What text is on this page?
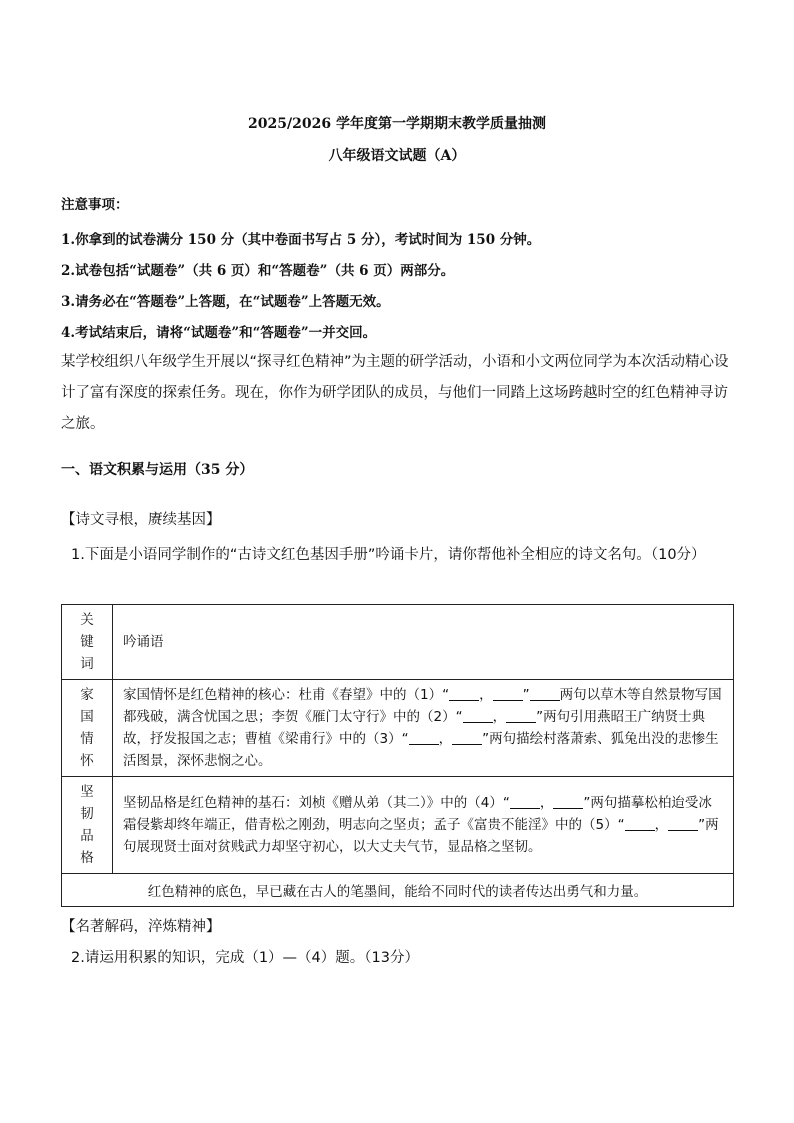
2025/2026 学年度第一学期期末教学质量抽测
八年级语文试题（A）
注意事项：
1.你拿到的试卷满分 150 分（其中卷面书写占 5 分），考试时间为 150 分钟。
2.试卷包括“试题卷”（共 6 页）和“答题卷”（共 6 页）两部分。
3.请务必在“答题卷”上答题，在“试题卷”上答题无效。
4.考试结束后，请将“试题卷”和“答题卷”一并交回。
某学校组织八年级学生开展以“探寻红色精神”为主题的研学活动，小语和小文两位同学为本次活动精心设计了富有深度的探索任务。现在，你作为研学团队的成员，与他们一同踏上这场跨越时空的红色精神寻访之旅。
一、语文积累与运用（35 分）
【诗文寻根，赓续基因】
1.下面是小语同学制作的“古诗文红色基因手册”吟诵卡片，请你帮他补全相应的诗文名句。（10分）
关键词	吟诵语

家国情怀	家国情怀是红色精神的核心：杜甫《春望》中的（1）“ ， ” 两句以草木等自然景物写国都残破，满含忧国之思；李贺《雁门太守行》中的（2）“ ， ”两句引用燕昭王广纳贤士典故，抒发报国之志；曹植《梁甫行》中的（3）“ ， ”两句描绘村落萧索、狐兔出没的悲惨生活图景，深怀悲悯之心。

坚韧品格	坚韧品格是红色精神的基石：刘桢《赠从弟（其二）》中的（4）“ ， ”两句描摹松柏迨受冰霜侵紫却终年端正，借青松之刚劲，明志向之坚贞；孟子《富贵不能淫》中的（5）“ ， ”两句展现贤士面对贫贱武力却坚守初心，以大丈夫气节，显品格之坚韧。
红色精神的底色，早已藏在古人的笔墨间，能给不同时代的读者传达出勇气和力量。	
【名著解码，淬炼精神】
2.请运用积累的知识，完成（1）—（4）题。（13分）
